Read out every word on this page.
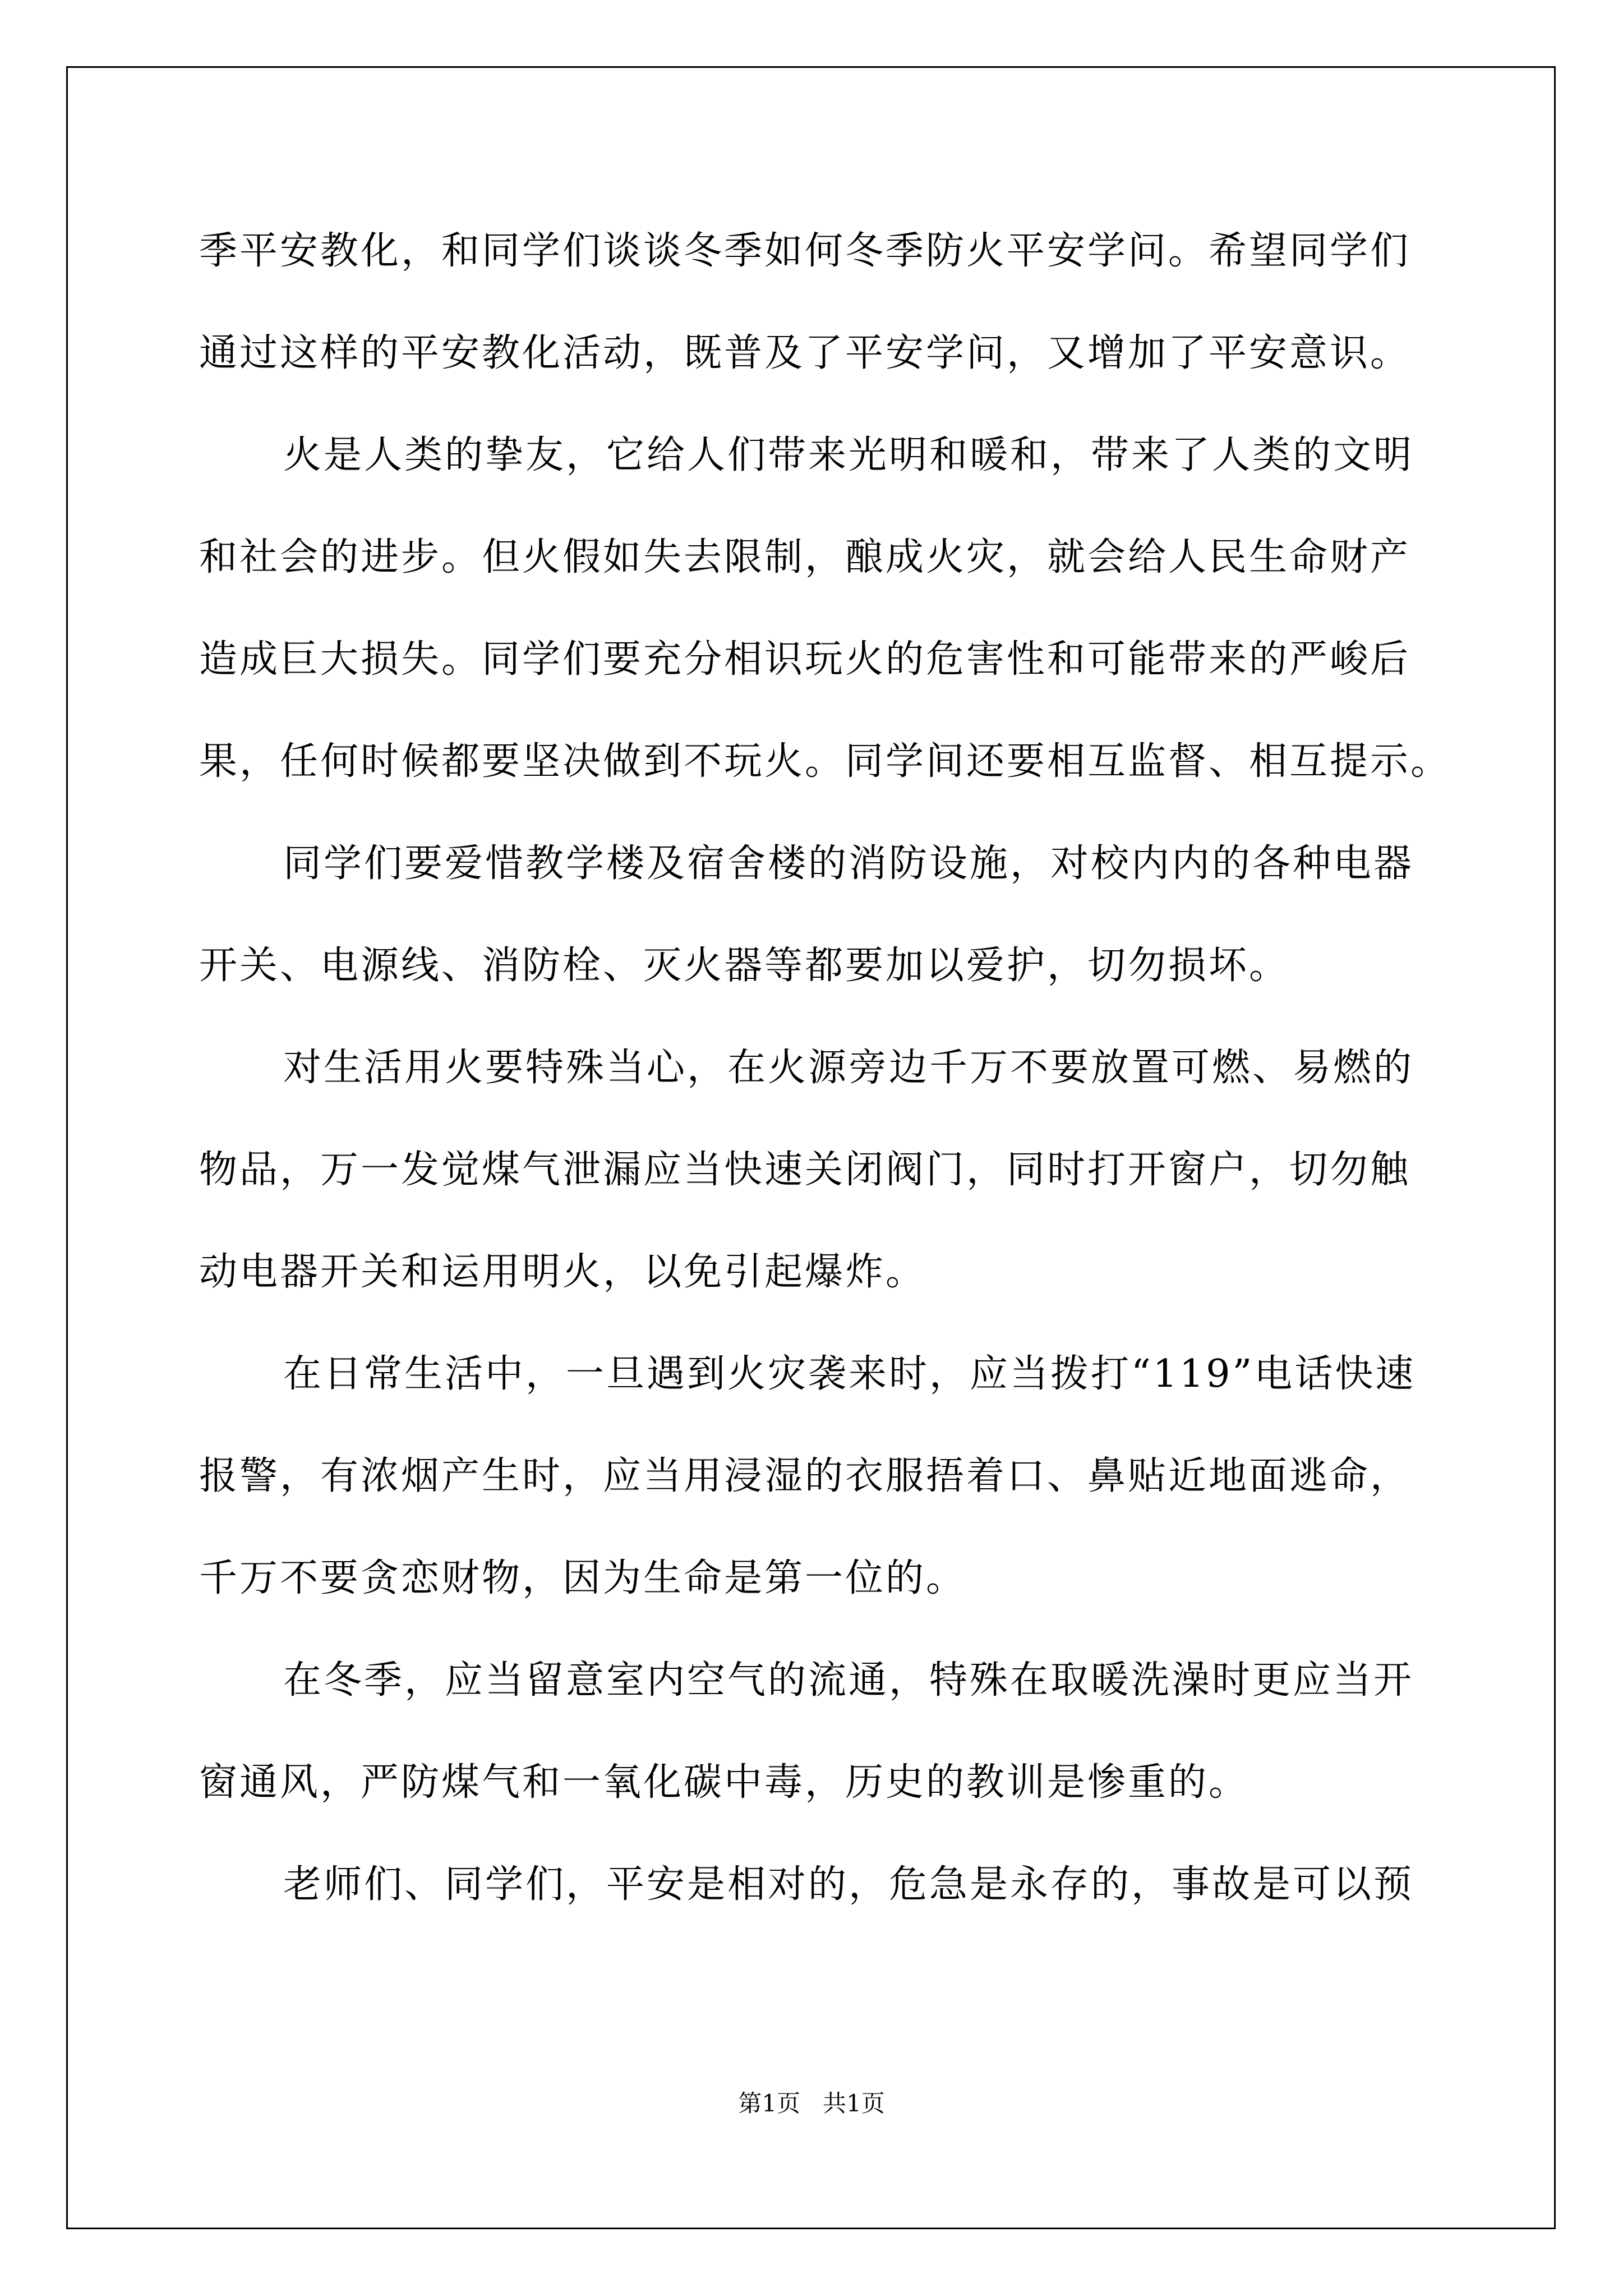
季平安教化，和同学们谈谈冬季如何冬季防火平安学问。希望同学们
通过这样的平安教化活动，既普及了平安学问，又增加了平安意识。
火是人类的挚友，它给人们带来光明和暖和，带来了人类的文明
和社会的进步。但火假如失去限制，酿成火灾，就会给人民生命财产
造成巨大损失。同学们要充分相识玩火的危害性和可能带来的严峻后
果，任何时候都要坚决做到不玩火。同学间还要相互监督、相互提示。
同学们要爱惜教学楼及宿舍楼的消防设施，对校内内的各种电器
开关、电源线、消防栓、灭火器等都要加以爱护，切勿损坏。
对生活用火要特殊当心，在火源旁边千万不要放置可燃、易燃的
物品，万一发觉煤气泄漏应当快速关闭阀门，同时打开窗户，切勿触
动电器开关和运用明火，以免引起爆炸。
在日常生活中，一旦遇到火灾袭来时，应当拨打“119”电话快速
报警，有浓烟产生时，应当用浸湿的衣服捂着口、鼻贴近地面逃命，
千万不要贪恋财物，因为生命是第一位的。
在冬季，应当留意室内空气的流通，特殊在取暖洗澡时更应当开
窗通风，严防煤气和一氧化碳中毒，历史的教训是惨重的。
老师们、同学们，平安是相对的，危急是永存的，事故是可以预
第1页   共1页
